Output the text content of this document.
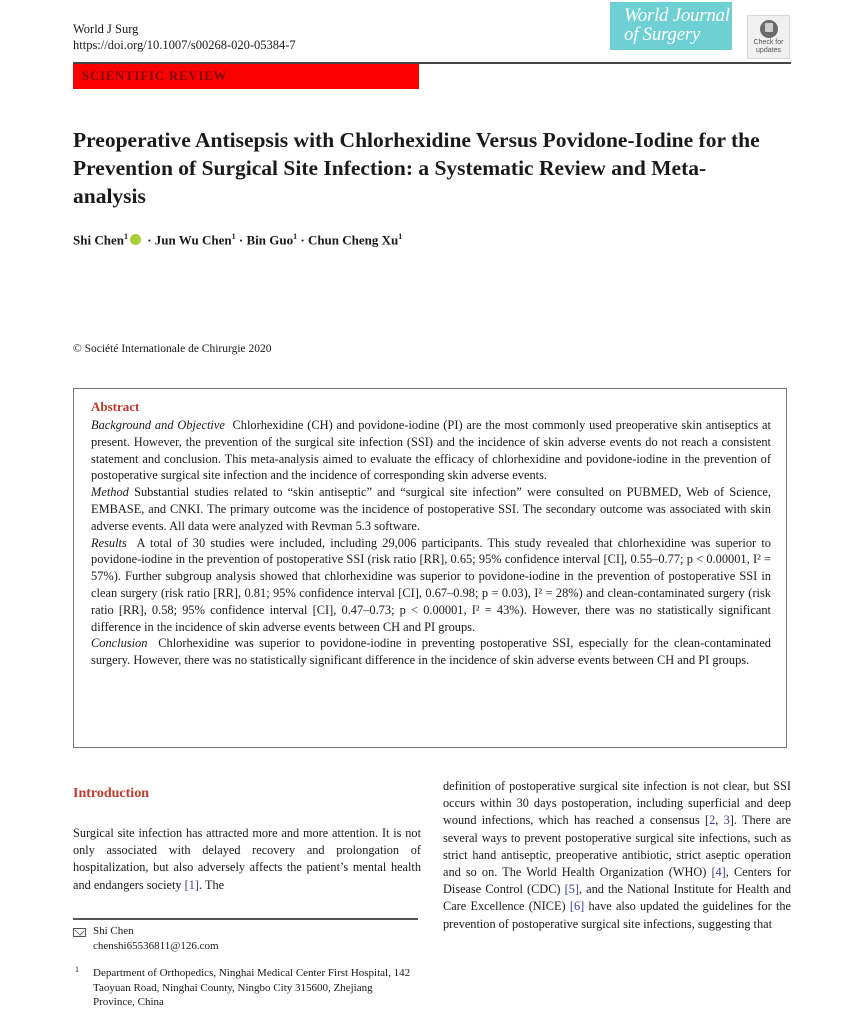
World J Surg
https://doi.org/10.1007/s00268-020-05384-7
World Journal
of Surgery	Check for
updates
SCIENTIFIC REVIEW
Preoperative Antisepsis with Chlorhexidine Versus Povidone-Iodine for the Prevention of Surgical Site Infection: a Systematic Review and Meta-analysis
Shi Chen$^1$ · Jun Wu Chen$^1$ · Bin Guo$^1$ · Chun Cheng Xu$^1$
© Société Internationale de Chirurgie 2020
Abstract

Background and Objective Chlorhexidine (CH) and povidone-iodine (PI) are the most commonly used preoperative skin antiseptics at present. However, the prevention of the surgical site infection (SSI) and the incidence of skin adverse events do not reach a consistent statement and conclusion. This meta-analysis aimed to evaluate the efficacy of chlorhexidine and povidone-iodine in the prevention of postoperative surgical site infection and the incidence of corresponding skin adverse events.

Method Substantial studies related to “skin antiseptic” and “surgical site infection” were consulted on PUBMED, Web of Science, EMBASE, and CNKI. The primary outcome was the incidence of postoperative SSI. The secondary outcome was associated with skin adverse events. All data were analyzed with Revman 5.3 software.

Results A total of 30 studies were included, including 29,006 participants. This study revealed that chlorhexidine was superior to povidone-iodine in the prevention of postoperative SSI (risk ratio [RR], 0.65; 95% confidence interval [CI], 0.55–0.77; p < 0.00001, I² = 57%). Further subgroup analysis showed that chlorhexidine was superior to povidone-iodine in the prevention of postoperative SSI in clean surgery (risk ratio [RR], 0.81; 95% confidence interval [CI], 0.67–0.98; p = 0.03), I² = 28%) and clean-contaminated surgery (risk ratio [RR], 0.58; 95% confidence interval [CI], 0.47–0.73; p < 0.00001, I² = 43%). However, there was no statistically significant difference in the incidence of skin adverse events between CH and PI groups.

Conclusion Chlorhexidine was superior to povidone-iodine in preventing postoperative SSI, especially for the clean-contaminated surgery. However, there was no statistically significant difference in the incidence of skin adverse events between CH and PI groups.

Introduction
Surgical site infection has attracted more and more attention. It is not only associated with delayed recovery and prolongation of hospitalization, but also adversely affects the patient’s mental health and endangers society [1]. The
definition of postoperative surgical site infection is not clear, but SSI occurs within 30 days postoperation, including superficial and deep wound infections, which has reached a consensus [2, 3]. There are several ways to prevent postoperative surgical site infections, such as strict hand antiseptic, preoperative antibiotic, strict aseptic operation and so on. The World Health Organization (WHO) [4], Centers for Disease Control (CDC) [5], and the National Institute for Health and Care Excellence (NICE) [6] have also updated the guidelines for the prevention of postoperative surgical site infections, suggesting that
Shi Chen
chenshi65536811@126.com
1 Department of Orthopedics, Ninghai Medical Center First Hospital, 142 Taoyuan Road, Ninghai County, Ningbo City 315600, Zhejiang Province, China
